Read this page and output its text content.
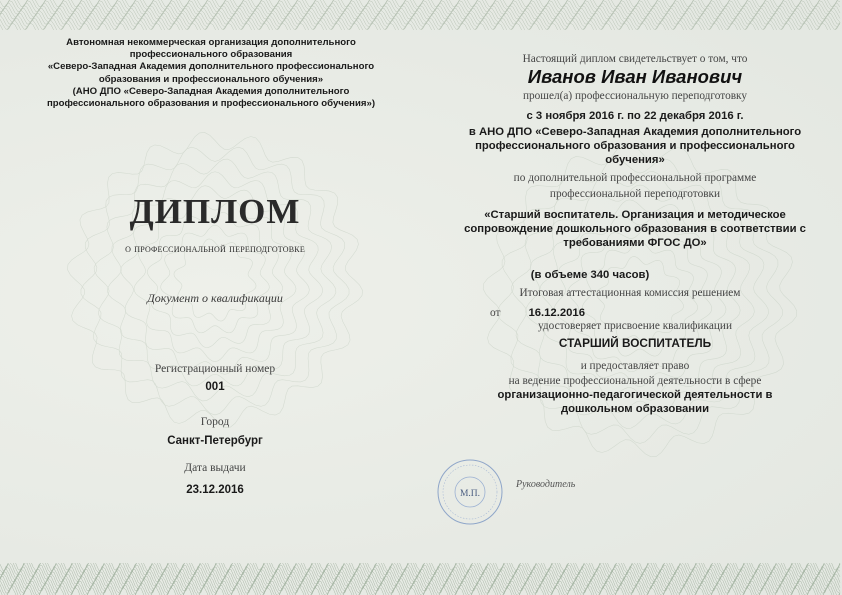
Автономная некоммерческая организация дополнительного
профессионального образования
«Северо-Западная Академия дополнительного профессионального
образования и профессионального обучения»
(АНО ДПО «Северо-Западная Академия дополнительного
профессионального образования и профессионального обучения»)
ДИПЛОМ
о профессиональной переподготовке
Документ о квалификации
Регистрационный номер
001
Город
Санкт-Петербург
Дата выдачи
23.12.2016
Настоящий диплом свидетельствует о том, что
Иванов Иван Иванович
прошел(а) профессиональную переподготовку
с 3 ноября 2016 г. по 22 декабря 2016 г.
в АНО ДПО «Северо-Западная Академия дополнительного
профессионального образования и профессионального
обучения»
по дополнительной профессиональной программе
профессиональной переподготовки
«Старший воспитатель. Организация и методическое
сопровождение дошкольного образования в соответствии с
требованиями ФГОС ДО»
(в объеме 340 часов)
Итоговая аттестационная комиссия решением
от 16.12.2016
удостоверяет присвоение квалификации
СТАРШИЙ ВОСПИТАТЕЛЬ
и предоставляет право
на ведение профессиональной деятельности в сфере
организационно-педагогической деятельности в
дошкольном образовании
М.П.
Руководитель
